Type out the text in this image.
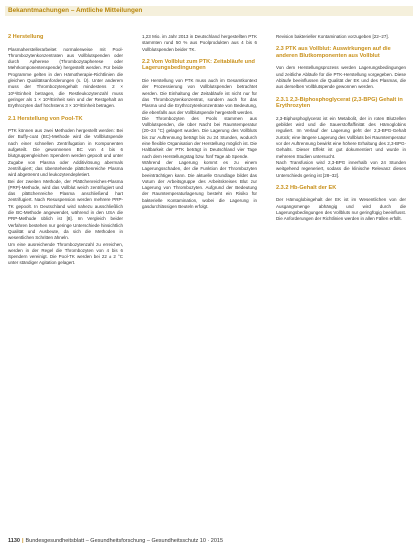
Bekanntmachungen – Amtliche Mitteilungen
2 Herstellung

Plasmaherstellerarbeitet normalerweise mit Pool-Thrombozytenkonzentraten aus Vollblutspenden oder durch Apherese (Thrombozytapherese oder Mehrkomponentenspende) hergestellt werden. Für beide Programme gelten in den Hämotherapie-Richtlinien die gleichen Qualitätsanforderungen (s. Ü). Unter anderem muss der Thrombozytengehalt mindestens 2 × 10¹¹/Einheit betragen, die Restleukozytenzahl muss geringer als 1 × 10⁶/Einheit sein und der Restgehalt an Erythrozyten darf höchstens 3 × 10⁹/Einheit betragen.

2.1 Herstellung von Pool-TK

PTK können aus zwei Methoden hergestellt werden: Bei der Buffy-coat (BC)-Methode wird die Vollblutspende nach einer schnellen Zentrifugation in Komponenten aufgeteilt. Die gewonnenen BC von 4 bis 6 blutgruppengleichen Spendern werden gepoolt und unter Zugabe von Plasma oder Additivlösung abermals zentrifugiert; das überstehende plättchenreiche Plasma wird abgetrennt und leukozytendepletiert.

Bei der zweiten Methode, der Plättchenreiches-Plasma (PRP)-Methode, wird das Vollblut weich zentrifugiert und das plättchenreiche Plasma anschließend hart zentrifugiert. Nach Resuspension werden mehrere PRP-TK gepoolt. In Deutschland wird nahezu ausschließlich die BC-Methode angewendet, während in den USA die PRP-Methode üblich ist [8]. Im Vergleich beider Verfahren bestehen nur geringe Unterschiede hinsichtlich Qualität und Ausbeute, da sich die Methoden in wesentlichen Schritten ähneln.

Um eine ausreichende Thrombozytenzahl zu erreichen, werden in der Regel die Thrombozyten von 4 bis 6 Spendern vereinigt. Die Pool-TK werden bei 22 ± 2 °C unter ständiger Agitation gelagert.

1,23 Mio. im Jahr 2013 in Deutschland hergestellten PTK stammten rund 50 % aus Poolprodukten aus 4 bis 6 Vollblutspenden beider TK.

2.2 Vom Vollblut zum PTK: Zeitabläufe und Lagerungsbedingungen

Die Herstellung von PTK muss auch im Gesamtkontext der Prozessierung von Vollblutspenden betrachtet werden. Die Einhaltung der Zeitabläufe ist nicht nur für das Thrombozytenkonzentrat, sondern auch für das Plasma und die Erythrozytenkonzentrate von Bedeutung, die ebenfalls aus der Vollblutspende hergestellt werden.

Die Thrombozyten des Pools stammen aus Vollblutspenden, die über Nacht bei Raumtemperatur (20–24 °C) gelagert wurden. Die Lagerung des Vollbluts bis zur Auftrennung beträgt bis zu 24 Stunden, wodurch eine flexible Organisation der Herstellung möglich ist. Die Haltbarkeit der PTK beträgt in Deutschland vier Tage nach dem Herstellungstag bzw. fünf Tage ab Spende.

Während der Lagerung kommt es zu einem Lagerungsschaden, der die Funktion der Thrombozyten beeinträchtigen kann. Die aktuelle Grundlage bildet das Votum der Arbeitsgruppe des Arbeitskreises Blut zur Lagerung von Thrombozyten. Aufgrund der Bedeutung der Raumtemperaturlagerung besteht ein Risiko für bakterielle Kontamination, wobei die Lagerung in gasdurchlässigen Beuteln erfolgt.

Revision bakterieller Kontamination vorzugeben [22–27].

2.3 PTK aus Vollblut: Auswirkungen auf die anderen Blutkomponenten aus Vollblut

Von dem Herstellungsprozess werden Lagerungsbedingungen und zeitliche Abläufe für die PTK-Herstellung vorgegeben. Diese Abläufe beeinflussen die Qualität der EK und des Plasmas, die aus derselben Vollblutspende gewonnen werden.

2.3.1 2,3-Biphosphoglycerat (2,3-BPG) Gehalt in Erythrozyten

2,3-Biphosphoglycerat ist ein Metabolit, der in roten Blutzellen gebildet wird und die Sauerstoffaffinität des Hämoglobins reguliert. Im Verlauf der Lagerung geht der 2,3-BPG-Gehalt zurück; eine längere Lagerung des Vollbluts bei Raumtemperatur vor der Auftrennung bewirkt eine höhere Erhaltung des 2,3-BPG-Gehalts. Dieser Effekt ist gut dokumentiert und wurde in mehreren Studien untersucht.

Nach Transfusion wird 2,3-BPG innerhalb von 24 Stunden weitgehend regeneriert, sodass die klinische Relevanz dieses Unterschieds gering ist [28–32].

2.3.2 Hb-Gehalt der EK

Der Hämoglobingehalt der EK ist im Wesentlichen von der Ausgangsmenge abhängig und wird durch die Lagerungsbedingungen des Vollbluts nur geringfügig beeinflusst. Die Anforderungen der Richtlinien werden in allen Fällen erfüllt.

1130 | Bundesgesundheitsblatt – Gesundheitsforschung – Gesundheitsschutz 10 · 2015
